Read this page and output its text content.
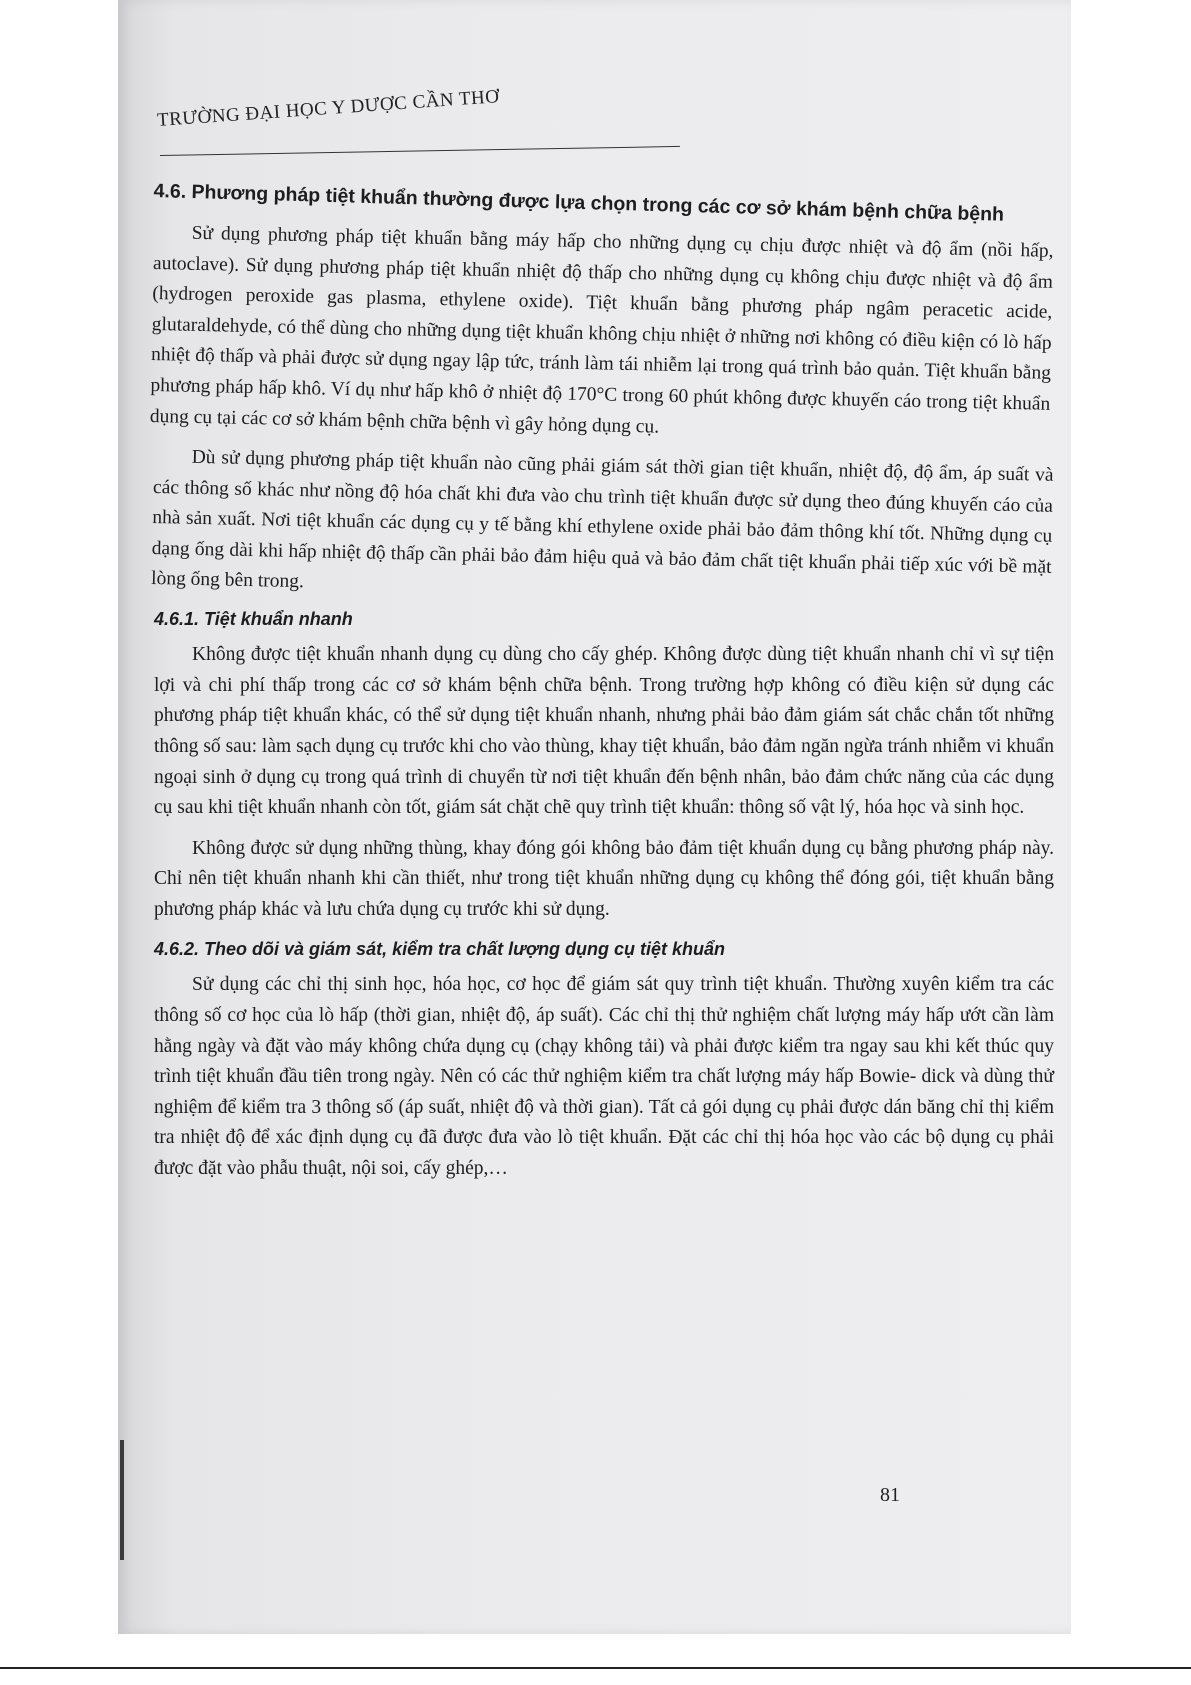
TRƯỜNG ĐẠI HỌC Y DƯỢC CẦN THƠ
4.6. Phương pháp tiệt khuẩn thường được lựa chọn trong các cơ sở khám bệnh chữa bệnh

Sử dụng phương pháp tiệt khuẩn bằng máy hấp cho những dụng cụ chịu được nhiệt và độ ẩm (nồi hấp, autoclave). Sử dụng phương pháp tiệt khuẩn nhiệt độ thấp cho những dụng cụ không chịu được nhiệt và độ ẩm (hydrogen peroxide gas plasma, ethylene oxide). Tiệt khuẩn bằng phương pháp ngâm peracetic acide, glutaraldehyde, có thể dùng cho những dụng tiệt khuẩn không chịu nhiệt ở những nơi không có điều kiện có lò hấp nhiệt độ thấp và phải được sử dụng ngay lập tức, tránh làm tái nhiễm lại trong quá trình bảo quản. Tiệt khuẩn bằng phương pháp hấp khô. Ví dụ như hấp khô ở nhiệt độ 170°C trong 60 phút không được khuyến cáo trong tiệt khuẩn dụng cụ tại các cơ sở khám bệnh chữa bệnh vì gây hỏng dụng cụ.

Dù sử dụng phương pháp tiệt khuẩn nào cũng phải giám sát thời gian tiệt khuẩn, nhiệt độ, độ ẩm, áp suất và các thông số khác như nồng độ hóa chất khi đưa vào chu trình tiệt khuẩn được sử dụng theo đúng khuyến cáo của nhà sản xuất. Nơi tiệt khuẩn các dụng cụ y tế bằng khí ethylene oxide phải bảo đảm thông khí tốt. Những dụng cụ dạng ống dài khi hấp nhiệt độ thấp cần phải bảo đảm hiệu quả và bảo đảm chất tiệt khuẩn phải tiếp xúc với bề mặt lòng ống bên trong.

4.6.1. Tiệt khuẩn nhanh

Không được tiệt khuẩn nhanh dụng cụ dùng cho cấy ghép. Không được dùng tiệt khuẩn nhanh chỉ vì sự tiện lợi và chi phí thấp trong các cơ sở khám bệnh chữa bệnh. Trong trường hợp không có điều kiện sử dụng các phương pháp tiệt khuẩn khác, có thể sử dụng tiệt khuẩn nhanh, nhưng phải bảo đảm giám sát chắc chắn tốt những thông số sau: làm sạch dụng cụ trước khi cho vào thùng, khay tiệt khuẩn, bảo đảm ngăn ngừa tránh nhiễm vi khuẩn ngoại sinh ở dụng cụ trong quá trình di chuyển từ nơi tiệt khuẩn đến bệnh nhân, bảo đảm chức năng của các dụng cụ sau khi tiệt khuẩn nhanh còn tốt, giám sát chặt chẽ quy trình tiệt khuẩn: thông số vật lý, hóa học và sinh học.

Không được sử dụng những thùng, khay đóng gói không bảo đảm tiệt khuẩn dụng cụ bằng phương pháp này. Chỉ nên tiệt khuẩn nhanh khi cần thiết, như trong tiệt khuẩn những dụng cụ không thể đóng gói, tiệt khuẩn bằng phương pháp khác và lưu chứa dụng cụ trước khi sử dụng.

4.6.2. Theo dõi và giám sát, kiểm tra chất lượng dụng cụ tiệt khuẩn

Sử dụng các chỉ thị sinh học, hóa học, cơ học để giám sát quy trình tiệt khuẩn. Thường xuyên kiểm tra các thông số cơ học của lò hấp (thời gian, nhiệt độ, áp suất). Các chỉ thị thử nghiệm chất lượng máy hấp ướt cần làm hằng ngày và đặt vào máy không chứa dụng cụ (chạy không tải) và phải được kiểm tra ngay sau khi kết thúc quy trình tiệt khuẩn đầu tiên trong ngày. Nên có các thử nghiệm kiểm tra chất lượng máy hấp Bowie- dick và dùng thử nghiệm để kiểm tra 3 thông số (áp suất, nhiệt độ và thời gian). Tất cả gói dụng cụ phải được dán băng chỉ thị kiểm tra nhiệt độ để xác định dụng cụ đã được đưa vào lò tiệt khuẩn. Đặt các chỉ thị hóa học vào các bộ dụng cụ phải được đặt vào phẫu thuật, nội soi, cấy ghép,…

81
